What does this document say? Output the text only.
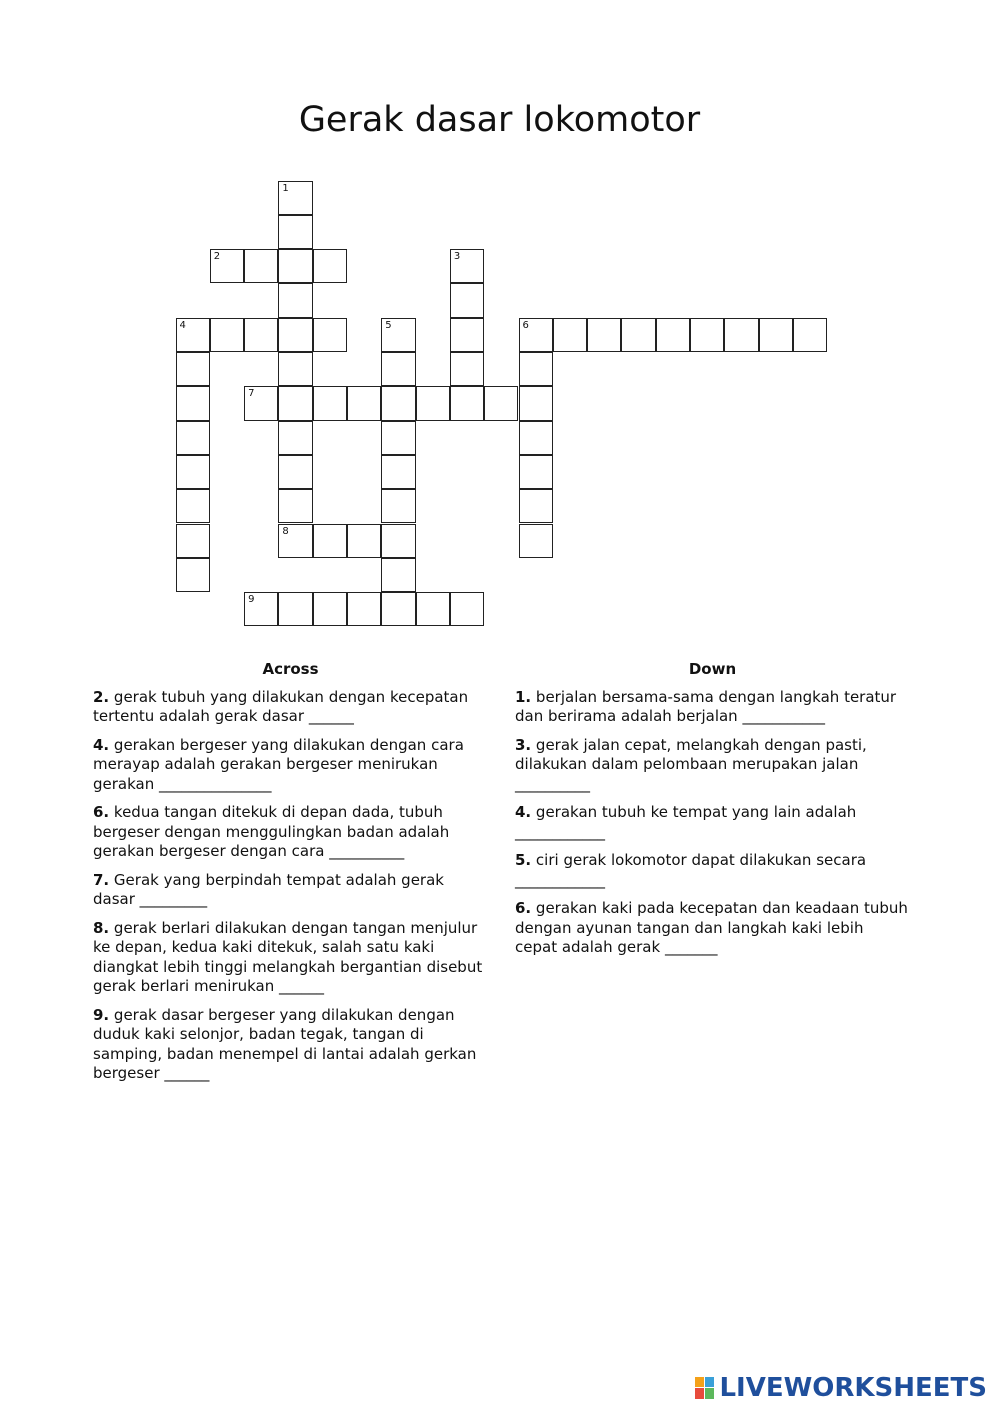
Gerak dasar lokomotor
1
2	3
4	5	6
7
8
9
Across
2. gerak tubuh yang dilakukan dengan kecepatan tertentu adalah gerak dasar ______
4. gerakan bergeser yang dilakukan dengan cara merayap adalah gerakan bergeser menirukan gerakan _______________
6. kedua tangan ditekuk di depan dada, tubuh bergeser dengan menggulingkan badan adalah gerakan bergeser dengan cara __________
7. Gerak yang berpindah tempat adalah gerak dasar _________
8. gerak berlari dilakukan dengan tangan menjulur ke depan, kedua kaki ditekuk, salah satu kaki diangkat lebih tinggi melangkah bergantian disebut gerak berlari menirukan ______
9. gerak dasar bergeser yang dilakukan dengan duduk kaki selonjor, badan tegak, tangan di samping, badan menempel di lantai adalah gerkan bergeser ______
Down
1. berjalan bersama-sama dengan langkah teratur dan berirama adalah berjalan ___________
3. gerak jalan cepat, melangkah dengan pasti, dilakukan dalam pelombaan merupakan jalan __________
4. gerakan tubuh ke tempat yang lain adalah ____________
5. ciri gerak lokomotor dapat dilakukan secara ____________
6. gerakan kaki pada kecepatan dan keadaan tubuh dengan ayunan tangan dan langkah kaki lebih cepat adalah gerak _______
LIVEWORKSHEETS
